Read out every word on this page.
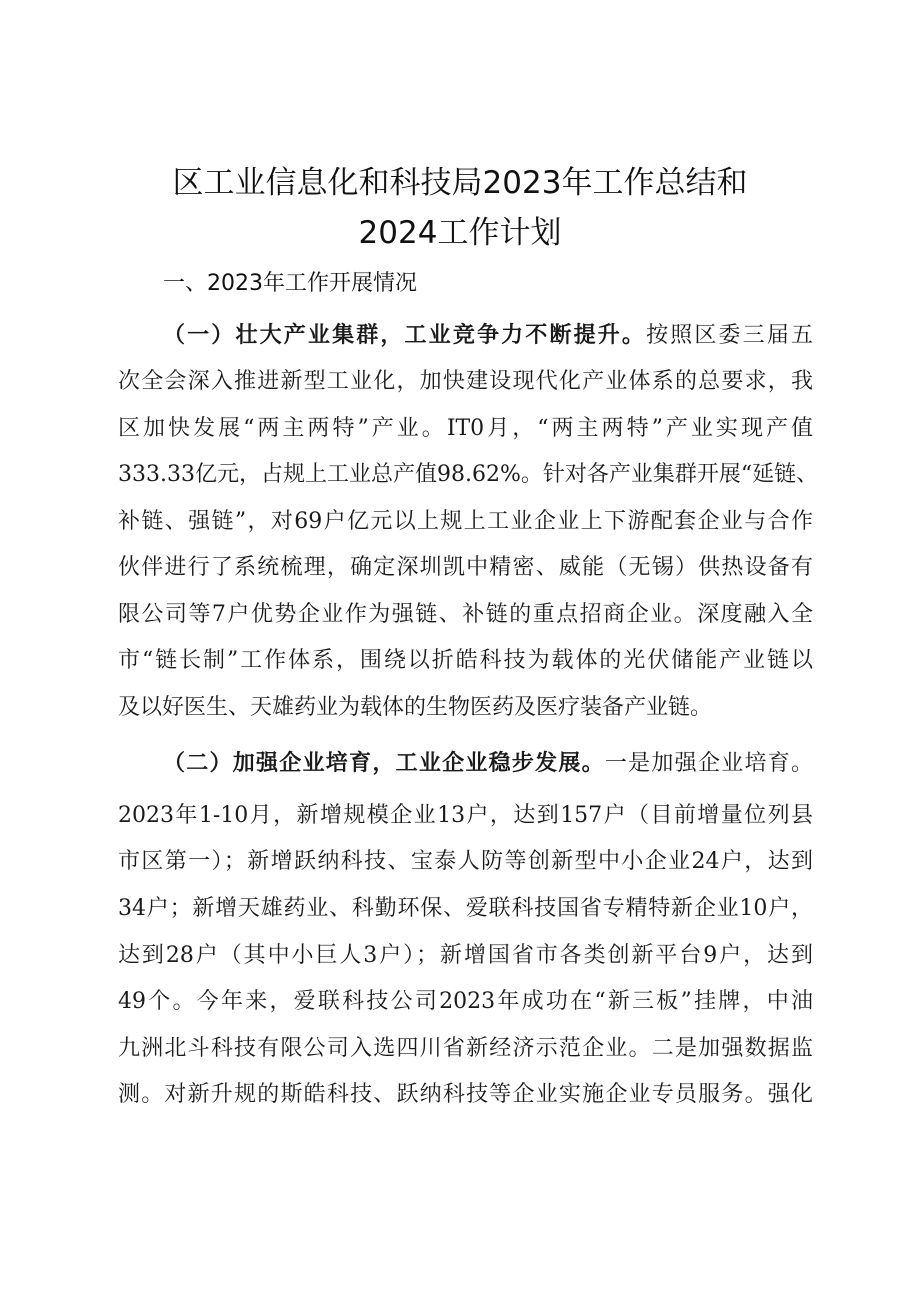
区工业信息化和科技局2023年工作总结和
2024工作计划
一、2023年工作开展情况
（一）壮大产业集群，工业竞争力不断提升。按照区委三届五
次全会深入推进新型工业化，加快建设现代化产业体系的总要求，我
区加快发展“两主两特”产业。IT0月，“两主两特”产业实现产值
333.33亿元，占规上工业总产值98.62%。针对各产业集群开展“延链、
补链、强链”，对69户亿元以上规上工业企业上下游配套企业与合作
伙伴进行了系统梳理，确定深圳凯中精密、威能（无锡）供热设备有
限公司等7户优势企业作为强链、补链的重点招商企业。深度融入全
市“链长制”工作体系，围绕以折皓科技为载体的光伏储能产业链以
及以好医生、天雄药业为载体的生物医药及医疗装备产业链。
（二）加强企业培育，工业企业稳步发展。一是加强企业培育。
2023年1-10月，新增规模企业13户，达到157户（目前增量位列县
市区第一）；新增跃纳科技、宝泰人防等创新型中小企业24户，达到
34户；新增天雄药业、科勤环保、爱联科技国省专精特新企业10户，
达到28户（其中小巨人3户）；新增国省市各类创新平台9户，达到
49个。今年来，爱联科技公司2023年成功在“新三板”挂牌，中油
九洲北斗科技有限公司入选四川省新经济示范企业。二是加强数据监
测。对新升规的斯皓科技、跃纳科技等企业实施企业专员服务。强化
